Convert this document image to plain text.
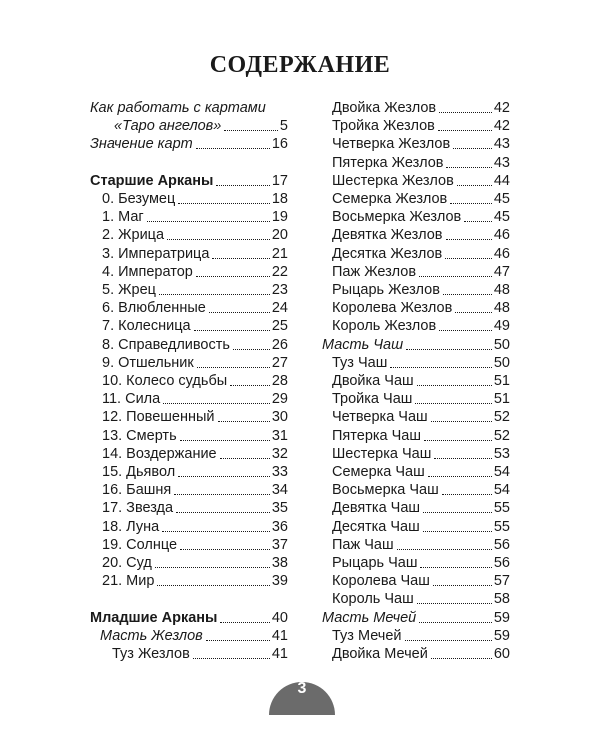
СОДЕРЖАНИЕ
Как работать с картами
«Таро ангелов»	5
Значение карт	16
Старшие Арканы	17
0. Безумец	18
1. Маг	19
2. Жрица	20
3. Императрица	21
4. Император	22
5. Жрец	23
6. Влюбленные	24
7. Колесница	25
8. Справедливость	26
9. Отшельник	27
10. Колесо судьбы	28
11. Сила	29
12. Повешенный	30
13. Смерть	31
14. Воздержание	32
15. Дьявол	33
16. Башня	34
17. Звезда	35
18. Луна	36
19. Солнце	37
20. Суд	38
21. Мир	39
Младшие Арканы	40
Масть Жезлов	41
Туз Жезлов	41
Двойка Жезлов	42
Тройка Жезлов	42
Четверка Жезлов	43
Пятерка Жезлов	43
Шестерка Жезлов	44
Семерка Жезлов	45
Восьмерка Жезлов 45
Девятка Жезлов	46
Десятка Жезлов	46
Паж Жезлов	47
Рыцарь Жезлов	48
Королева Жезлов	48
Король Жезлов	49
Масть Чаш	50
Туз Чаш	50
Двойка Чаш	51
Тройка Чаш	51
Четверка Чаш	52
Пятерка Чаш	52
Шестерка Чаш	53
Семерка Чаш	54
Восьмерка Чаш	54
Девятка Чаш	55
Десятка Чаш	55
Паж Чаш	56
Рыцарь Чаш	56
Королева Чаш	57
Король Чаш	58
Масть Мечей	59
Туз Мечей	59
Двойка Мечей	60
3
